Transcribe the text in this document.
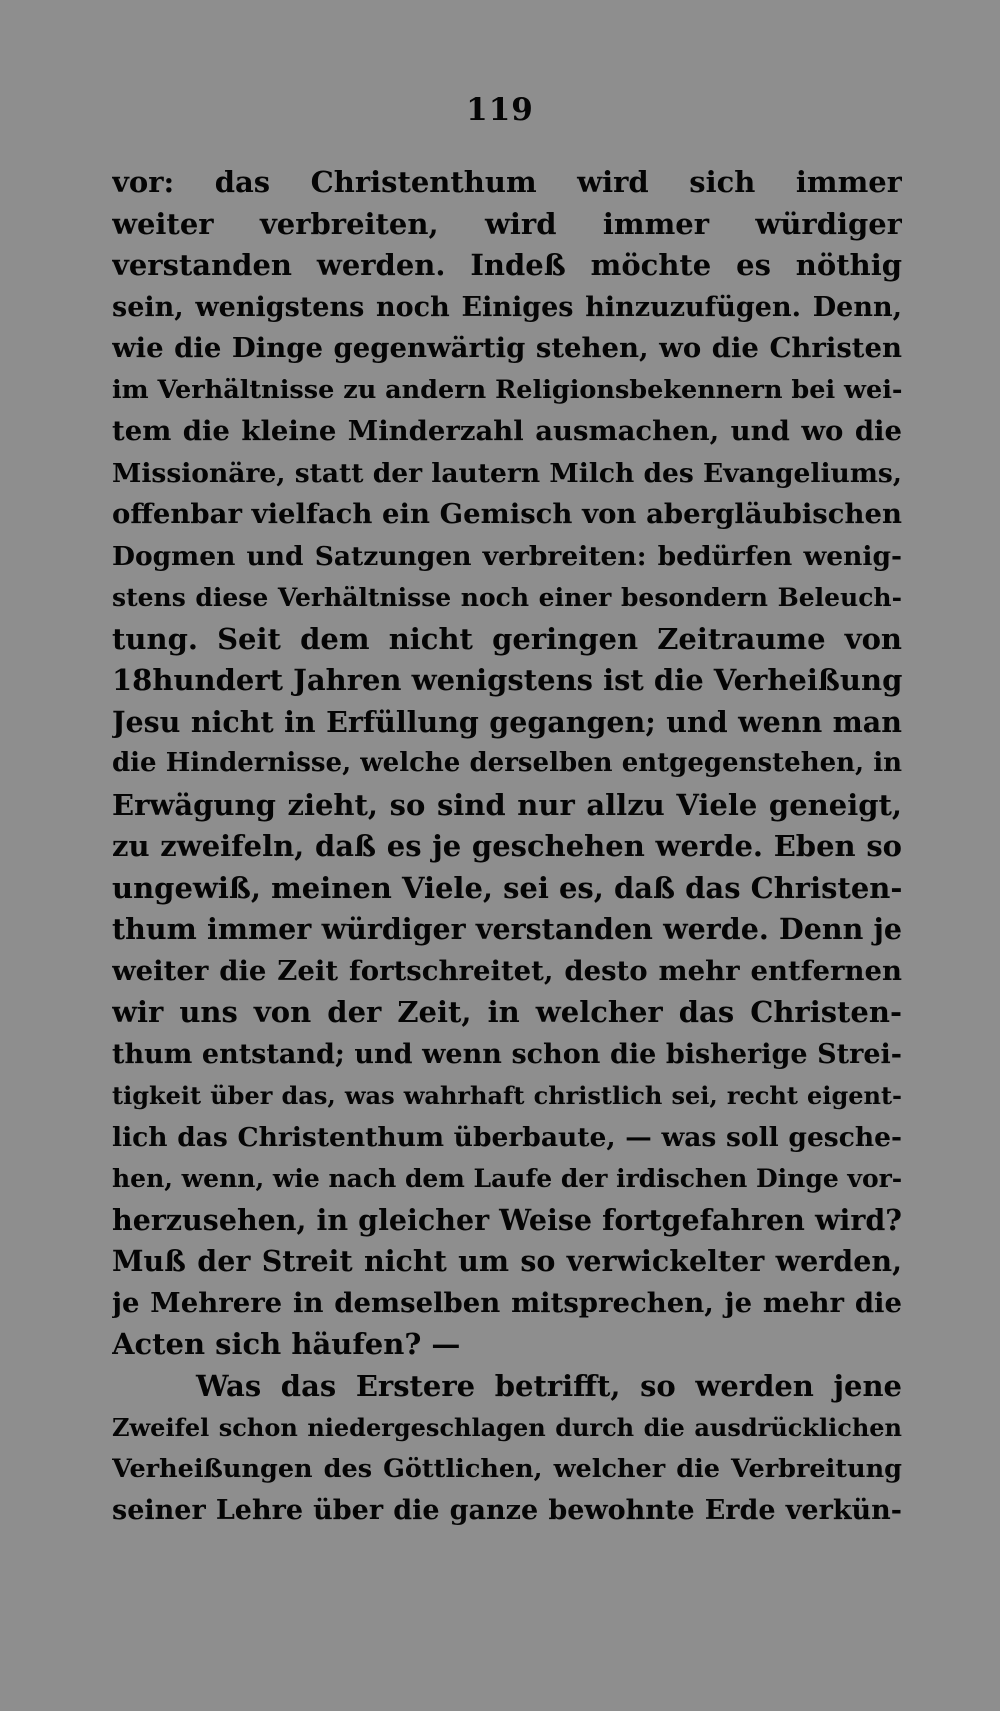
119
vor: das Christenthum wird sich immer
weiter verbreiten, wird immer würdiger
verstanden werden. Indeß möchte es nöthig
sein, wenigstens noch Einiges hinzuzufügen. Denn,
wie die Dinge gegenwärtig stehen, wo die Christen
im Verhältnisse zu andern Religionsbekennern bei wei-
tem die kleine Minderzahl ausmachen, und wo die
Missionäre, statt der lautern Milch des Evangeliums,
offenbar vielfach ein Gemisch von abergläubischen
Dogmen und Satzungen verbreiten: bedürfen wenig-
stens diese Verhältnisse noch einer besondern Beleuch-
tung. Seit dem nicht geringen Zeitraume von
18hundert Jahren wenigstens ist die Verheißung
Jesu nicht in Erfüllung gegangen; und wenn man
die Hindernisse, welche derselben entgegenstehen, in
Erwägung zieht, so sind nur allzu Viele geneigt,
zu zweifeln, daß es je geschehen werde. Eben so
ungewiß, meinen Viele, sei es, daß das Christen-
thum immer würdiger verstanden werde. Denn je
weiter die Zeit fortschreitet, desto mehr entfernen
wir uns von der Zeit, in welcher das Christen-
thum entstand; und wenn schon die bisherige Strei-
tigkeit über das, was wahrhaft christlich sei, recht eigent-
lich das Christenthum überbaute, — was soll gesche-
hen, wenn, wie nach dem Laufe der irdischen Dinge vor-
herzusehen, in gleicher Weise fortgefahren wird?
Muß der Streit nicht um so verwickelter werden,
je Mehrere in demselben mitsprechen, je mehr die
Acten sich häufen? —
Was das Erstere betrifft, so werden jene
Zweifel schon niedergeschlagen durch die ausdrücklichen
Verheißungen des Göttlichen, welcher die Verbreitung
seiner Lehre über die ganze bewohnte Erde verkün-
